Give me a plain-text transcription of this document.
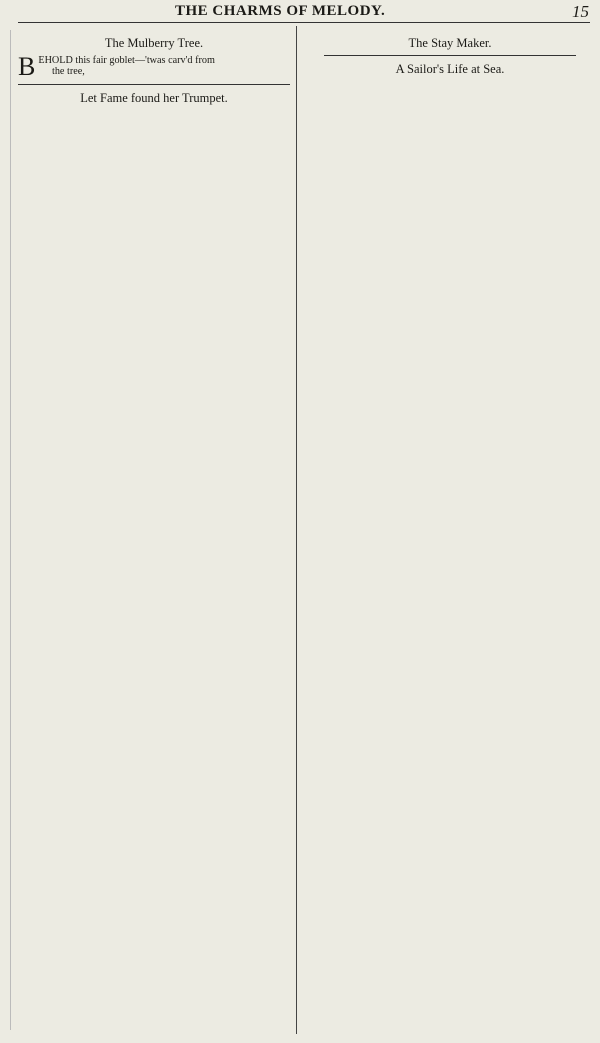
THE CHARMS OF MELODY.	15
The Mulberry Tree.
BEHOLD this fair goblet—'twas carv'd from
the tree,
Let Fame found her Trumpet.
The Stay Maker.
A Sailor's Life at Sea.
